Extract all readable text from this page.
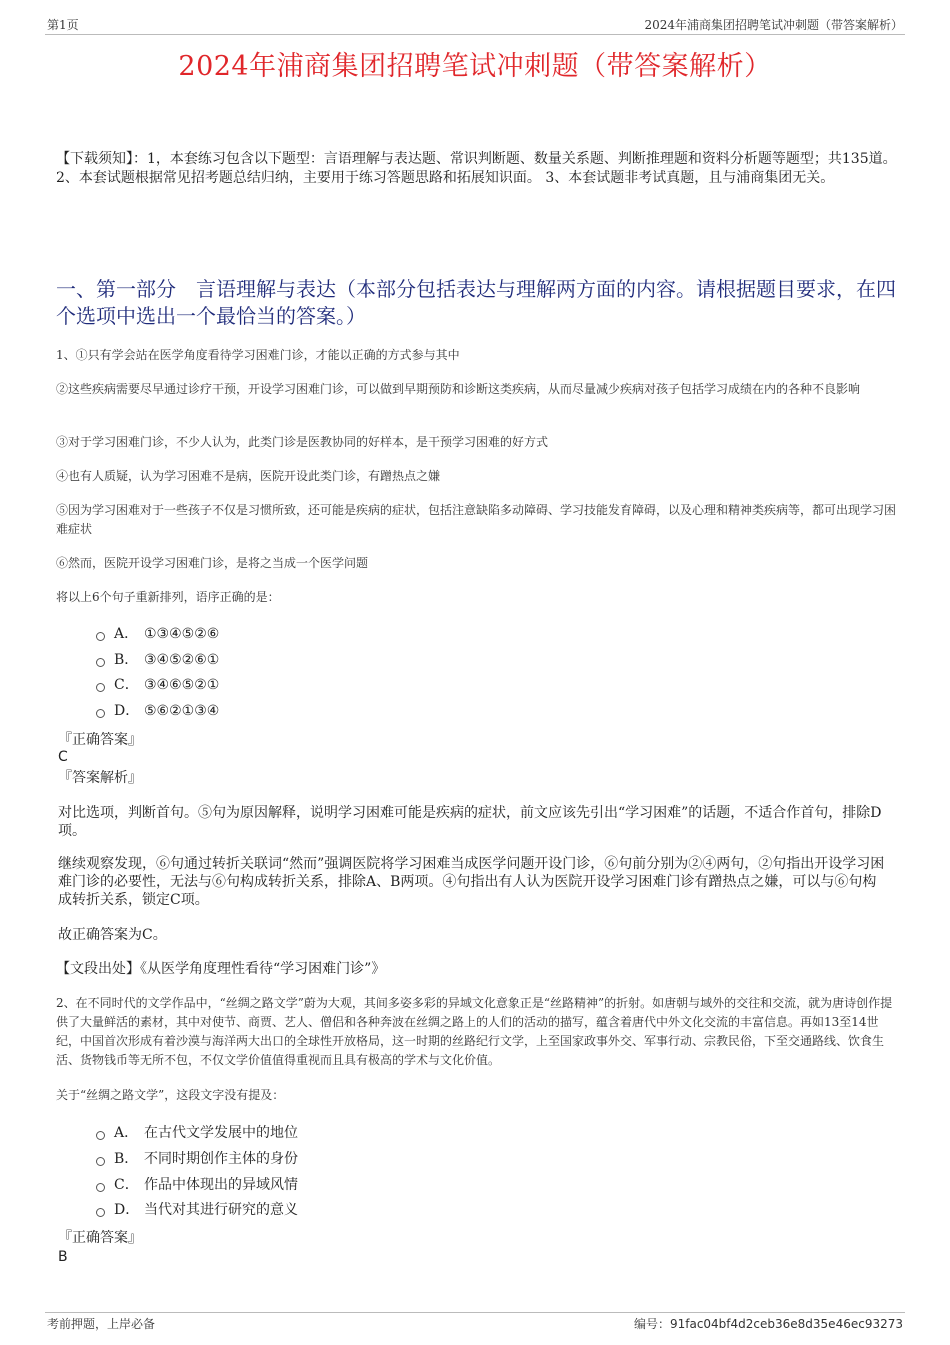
第1页	2024年浦商集团招聘笔试冲刺题（带答案解析）
2024年浦商集团招聘笔试冲刺题（带答案解析）
【下载须知】：1，本套练习包含以下题型：言语理解与表达题、常识判断题、数量关系题、判断推理题和资料分析题等题型；共135道。 2、本套试题根据常见招考题总结归纳，主要用于练习答题思路和拓展知识面。 3、本套试题非考试真题，且与浦商集团无关。
一、第一部分　言语理解与表达（本部分包括表达与理解两方面的内容。请根据题目要求，在四个选项中选出一个最恰当的答案。）
1、①只有学会站在医学角度看待学习困难门诊，才能以正确的方式参与其中
②这些疾病需要尽早通过诊疗干预，开设学习困难门诊，可以做到早期预防和诊断这类疾病，从而尽量减少疾病对孩子包括学习成绩在内的各种不良影响
③对于学习困难门诊，不少人认为，此类门诊是医教协同的好样本，是干预学习困难的好方式
④也有人质疑，认为学习困难不是病，医院开设此类门诊，有蹭热点之嫌
⑤因为学习困难对于一些孩子不仅是习惯所致，还可能是疾病的症状，包括注意缺陷多动障碍、学习技能发育障碍，以及心理和精神类疾病等，都可出现学习困难症状
⑥然而，医院开设学习困难门诊，是将之当成一个医学问题
将以上6个句子重新排列，语序正确的是：
A． ①③④⑤②⑥
B． ③④⑤②⑥①
C． ③④⑥⑤②①
D． ⑤⑥②①③④
『正确答案』
C
『答案解析』
对比选项，判断首句。⑤句为原因解释，说明学习困难可能是疾病的症状，前文应该先引出“学习困难”的话题，不适合作首句，排除D项。
继续观察发现，⑥句通过转折关联词“然而”强调医院将学习困难当成医学问题开设门诊，⑥句前分别为②④两句，②句指出开设学习困难门诊的必要性，无法与⑥句构成转折关系，排除A、B两项。④句指出有人认为医院开设学习困难门诊有蹭热点之嫌，可以与⑥句构成转折关系，锁定C项。
故正确答案为C。
【文段出处】《从医学角度理性看待“学习困难门诊”》
2、在不同时代的文学作品中，“丝绸之路文学”蔚为大观，其间多姿多彩的异域文化意象正是“丝路精神”的折射。如唐朝与域外的交往和交流，就为唐诗创作提供了大量鲜活的素材，其中对使节、商贾、艺人、僧侣和各种奔波在丝绸之路上的人们的活动的描写，蕴含着唐代中外文化交流的丰富信息。再如13至14世纪，中国首次形成有着沙漠与海洋两大出口的全球性开放格局，这一时期的丝路纪行文学，上至国家政事外交、军事行动、宗教民俗，下至交通路线、饮食生活、货物钱币等无所不包，不仅文学价值值得重视而且具有极高的学术与文化价值。
关于“丝绸之路文学”，这段文字没有提及：
A． 在古代文学发展中的地位
B． 不同时期创作主体的身份
C． 作品中体现出的异域风情
D． 当代对其进行研究的意义
『正确答案』
B
考前押题，上岸必备	编号：91fac04bf4d2ceb36e8d35e46ec93273
